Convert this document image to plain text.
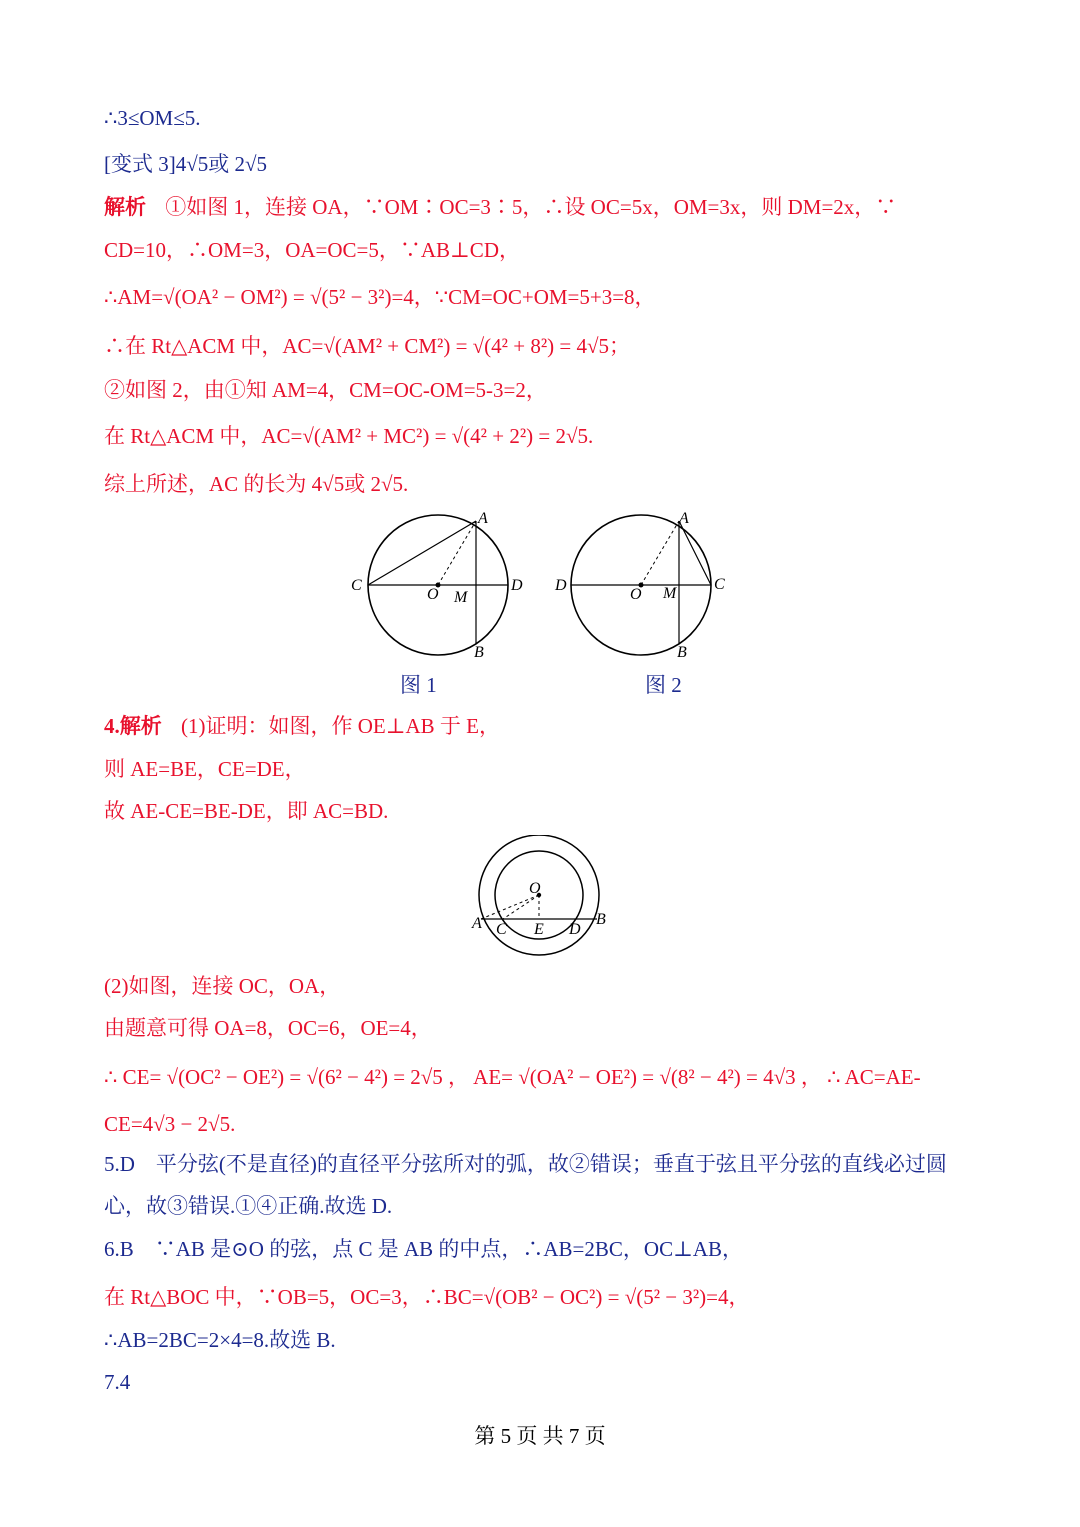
∴3≤OM≤5.
[变式 3]4√5或 2√5
解析 ①如图 1，连接 OA，∵OM∶OC=3∶5，∴设 OC=5x，OM=3x，则 DM=2x，∵
CD=10，∴OM=3，OA=OC=5，∵AB⊥CD，
∴AM=√(OA² − OM²) = √(5² − 3²)=4，∵CM=OC+OM=5+3=8，
∴在 Rt△ACM 中，AC=√(AM² + CM²) = √(4² + 8²) = 4√5；
②如图 2，由①知 AM=4，CM=OC-OM=5-3=2，
在 Rt△ACM 中，AC=√(AM² + MC²) = √(4² + 2²) = 2√5.
综上所述，AC 的长为 4√5或 2√5.
A
B
C	D
O M
图 1
A
B
C
D
O M
图 2
4.解析 (1)证明：如图，作 OE⊥AB 于 E，
则 AE=BE，CE=DE，
故 AE-CE=BE-DE，即 AC=BD.
O
A	B
C E D
(2)如图，连接 OC，OA，
由题意可得 OA=8，OC=6，OE=4，
∴ CE= √(OC² − OE²) = √(6² − 4²) = 2√5 ， AE= √(OA² − OE²) = √(8² − 4²) = 4√3 ， ∴ AC=AE-
CE=4√3 − 2√5.
5.D　平分弦(不是直径)的直径平分弦所对的弧，故②错误；垂直于弦且平分弦的直线必过圆
心，故③错误.①④正确.故选 D.
6.B　∵AB 是⊙O 的弦，点 C 是 AB 的中点，∴AB=2BC，OC⊥AB，
在 Rt△BOC 中，∵OB=5，OC=3，∴BC=√(OB² − OC²) = √(5² − 3²)=4，
∴AB=2BC=2×4=8.故选 B.
7.4
第 5 页 共 7 页
